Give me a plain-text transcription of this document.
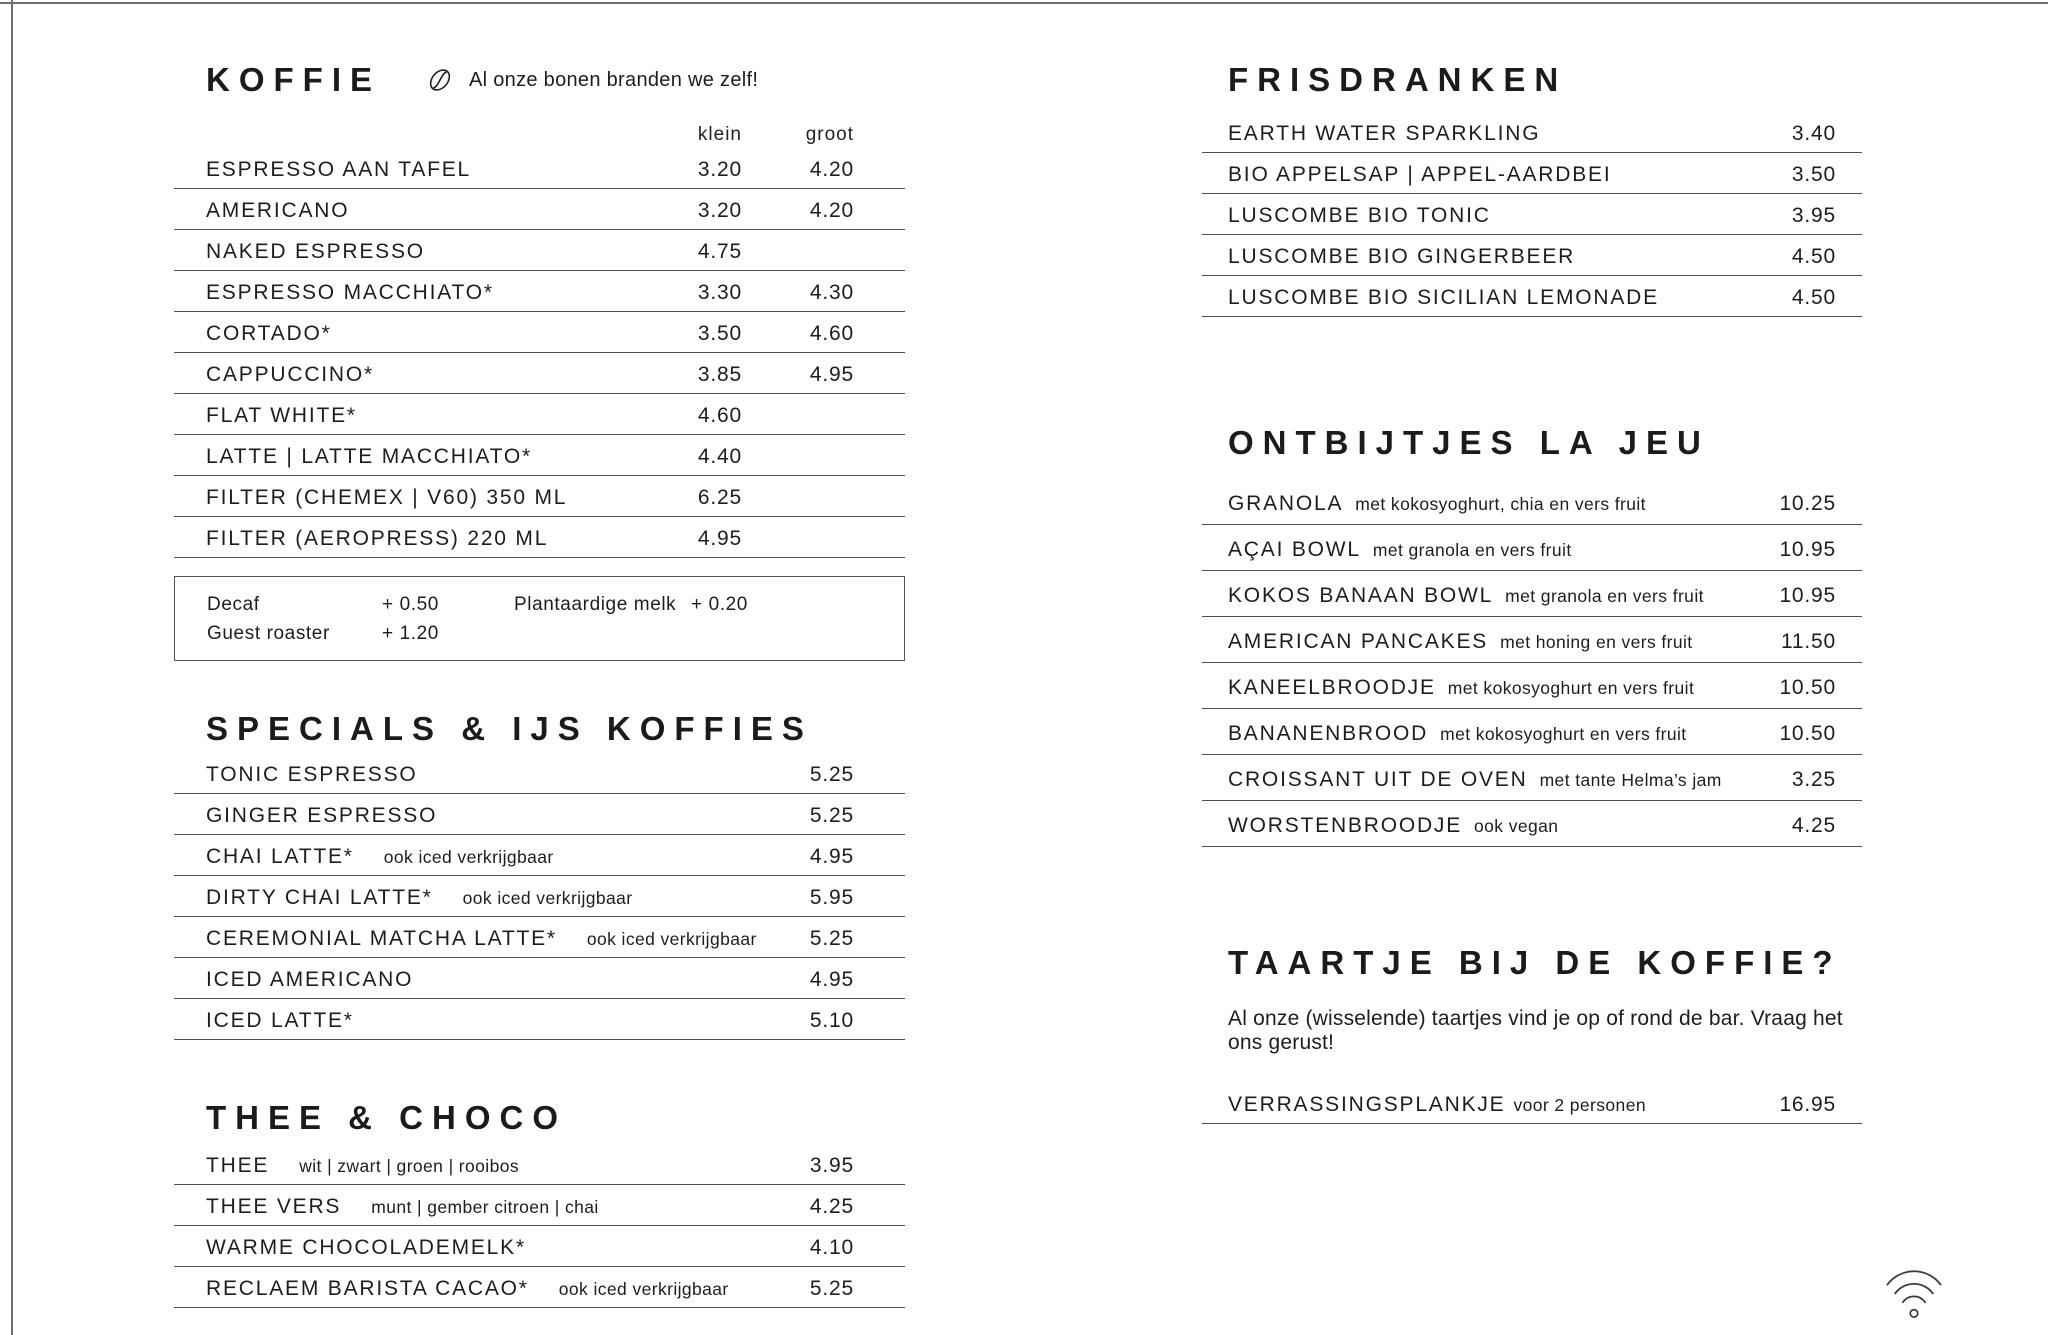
KOFFIE	Al onze bonen branden we zelf!
klein	groot
ESPRESSO AAN TAFEL	3.20	4.20
AMERICANO	3.20	4.20
NAKED ESPRESSO	4.75
ESPRESSO MACCHIATO*	3.30	4.30
CORTADO*	3.50	4.60
CAPPUCCINO*	3.85	4.95
FLAT WHITE*	4.60
LATTE | LATTE MACCHIATO*	4.40
FILTER (CHEMEX | V60) 350 ML	6.25
FILTER (AEROPRESS) 220 ML	4.95
Decaf	+ 0.50	Plantaardige melk + 0.20
Guest roaster	+ 1.20
SPECIALS & IJS KOFFIES
TONIC ESPRESSO	5.25
GINGER ESPRESSO	5.25
CHAI LATTE* ook iced verkrijgbaar	4.95
DIRTY CHAI LATTE* ook iced verkrijgbaar	5.95
CEREMONIAL MATCHA LATTE* ook iced verkrijgbaar	5.25
ICED AMERICANO	4.95
ICED LATTE*	5.10
THEE & CHOCO
THEE wit | zwart | groen | rooibos	3.95
THEE VERS munt | gember citroen | chai	4.25
WARME CHOCOLADEMELK*	4.10
RECLAEM BARISTA CACAO* ook iced verkrijgbaar	5.25
FRISDRANKEN
EARTH WATER SPARKLING	3.40
BIO APPELSAP | APPEL-AARDBEI	3.50
LUSCOMBE BIO TONIC	3.95
LUSCOMBE BIO GINGERBEER	4.50
LUSCOMBE BIO SICILIAN LEMONADE	4.50
ONTBIJTJES LA JEU
GRANOLA met kokosyoghurt, chia en vers fruit	10.25
AÇAI BOWL met granola en vers fruit	10.95
KOKOS BANAAN BOWL met granola en vers fruit	10.95
AMERICAN PANCAKES met honing en vers fruit	11.50
KANEELBROODJE met kokosyoghurt en vers fruit	10.50
BANANENBROOD met kokosyoghurt en vers fruit	10.50
CROISSANT UIT DE OVEN met tante Helma’s jam	3.25
WORSTENBROODJE ook vegan	4.25
TAARTJE BIJ DE KOFFIE?
Al onze (wisselende) taartjes vind je op of rond de bar. Vraag het ons gerust!
VERRASSINGSPLANKJE voor 2 personen	16.95
